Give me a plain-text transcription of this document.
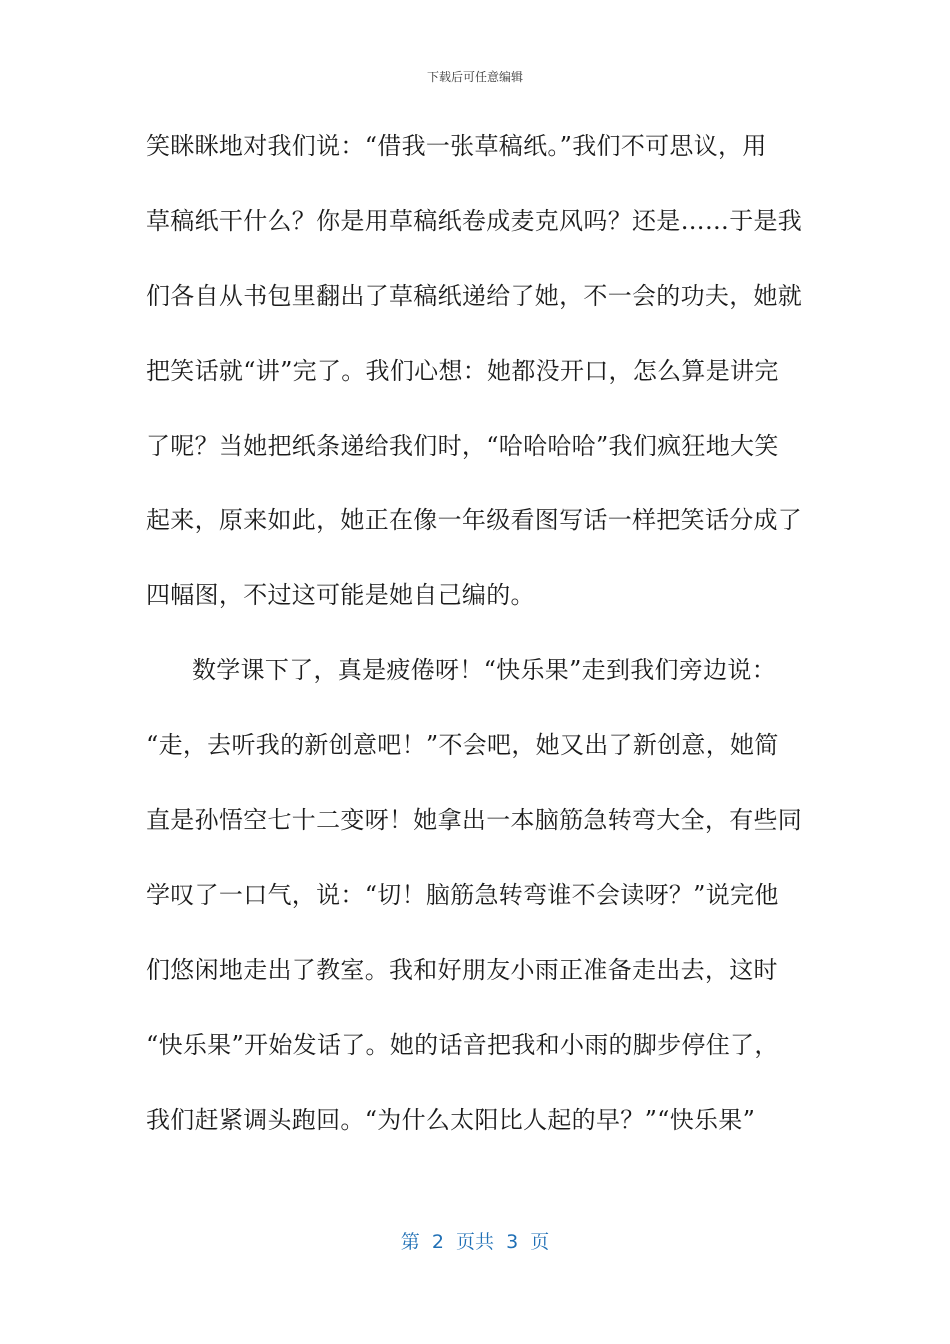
下载后可任意编辑
笑眯眯地对我们说：“借我一张草稿纸。”我们不可思议，用
草稿纸干什么？你是用草稿纸卷成麦克风吗？还是……于是我
们各自从书包里翻出了草稿纸递给了她，不一会的功夫，她就
把笑话就“讲”完了。我们心想：她都没开口，怎么算是讲完
了呢？当她把纸条递给我们时，“哈哈哈哈”我们疯狂地大笑
起来，原来如此，她正在像一年级看图写话一样把笑话分成了
四幅图，不过这可能是她自己编的。
数学课下了，真是疲倦呀！“快乐果”走到我们旁边说：
“走，去听我的新创意吧！”不会吧，她又出了新创意，她简
直是孙悟空七十二变呀！她拿出一本脑筋急转弯大全，有些同
学叹了一口气，说：“切！脑筋急转弯谁不会读呀？”说完他
们悠闲地走出了教室。我和好朋友小雨正准备走出去，这时
“快乐果”开始发话了。她的话音把我和小雨的脚步停住了，
我们赶紧调头跑回。“为什么太阳比人起的早？”“快乐果”
第  2  页共  3  页
